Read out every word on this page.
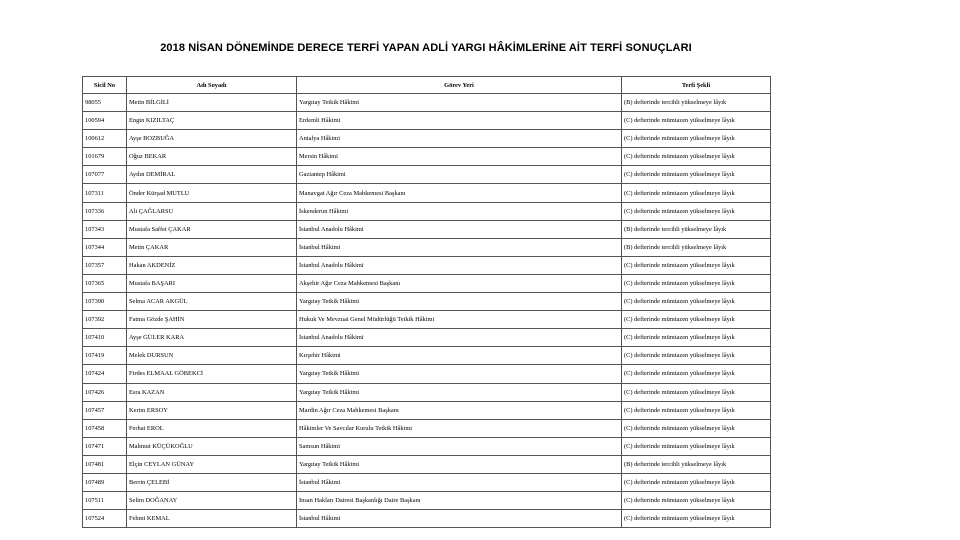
2018 NİSAN DÖNEMİNDE DERECE TERFİ YAPAN ADLİ YARGI HÂKİMLERİNE AİT TERFİ SONUÇLARI
Sicil No	Adı Soyadı	Görev Yeri	Terfi Şekli
98055	Metin BİLGİLİ	Yargıtay Tetkik Hâkimi	(B) defterinde tercihli yükselmeye lâyık
100594	Engin KIZILTAÇ	Erdemli Hâkimi	(C) defterinde mümtazen yükselmeye lâyık
100612	Ayşe BOZBUĞA	Antalya Hâkimi	(C) defterinde mümtazen yükselmeye lâyık
101679	Oğuz BEKAR	Mersin Hâkimi	(C) defterinde mümtazen yükselmeye lâyık
107077	Aydın DEMİRAL	Gaziantep Hâkimi	(C) defterinde mümtazen yükselmeye lâyık
107311	Önder Kürşad MUTLU	Manavgat Ağır Ceza Mahkemesi Başkanı	(C) defterinde mümtazen yükselmeye lâyık
107336	Ali ÇAĞLARSU	İskenderun Hâkimi	(C) defterinde mümtazen yükselmeye lâyık
107343	Mustafa Saffet ÇAKAR	İstanbul Anadolu Hâkimi	(B) defterinde tercihli yükselmeye lâyık
107344	Metin ÇAKAR	İstanbul Hâkimi	(B) defterinde tercihli yükselmeye lâyık
107357	Hakan AKDENİZ	İstanbul Anadolu Hâkimi	(C) defterinde mümtazen yükselmeye lâyık
107365	Mustafa BAŞARI	Akşehir Ağır Ceza Mahkemesi Başkanı	(C) defterinde mümtazen yükselmeye lâyık
107390	Selma ACAR AKGÜL	Yargıtay Tetkik Hâkimi	(C) defterinde mümtazen yükselmeye lâyık
107392	Fatma Gözde ŞAHİN	Hukuk Ve Mevzuat Genel Müdürlüğü Tetkik Hâkimi	(C) defterinde mümtazen yükselmeye lâyık
107410	Ayşe GÜLER KARA	İstanbul Anadolu Hâkimi	(C) defterinde mümtazen yükselmeye lâyık
107419	Melek DURSUN	Kırşehir Hâkimi	(C) defterinde mümtazen yükselmeye lâyık
107424	Firdes ELMAAL GÖBEKCİ	Yargıtay Tetkik Hâkimi	(C) defterinde mümtazen yükselmeye lâyık
107426	Esra KAZAN	Yargıtay Tetkik Hâkimi	(C) defterinde mümtazen yükselmeye lâyık
107457	Kerim ERSOY	Mardin Ağır Ceza Mahkemesi Başkanı	(C) defterinde mümtazen yükselmeye lâyık
107458	Ferhat EROL	Hâkimler Ve Savcılar Kurulu Tetkik Hâkimi	(C) defterinde mümtazen yükselmeye lâyık
107471	Mahmut KÜÇÜKOĞLU	Samsun Hâkimi	(C) defterinde mümtazen yükselmeye lâyık
107481	Elçin CEYLAN GÜNAY	Yargıtay Tetkik Hâkimi	(B) defterinde tercihli yükselmeye lâyık
107489	Berrin ÇELEBİ	İstanbul Hâkimi	(C) defterinde mümtazen yükselmeye lâyık
107511	Selim DOĞANAY	İnsan Hakları Dairesi Başkanlığı Daire Başkanı	(C) defterinde mümtazen yükselmeye lâyık
107524	Fehmi KEMAL	İstanbul Hâkimi	(C) defterinde mümtazen yükselmeye lâyık
